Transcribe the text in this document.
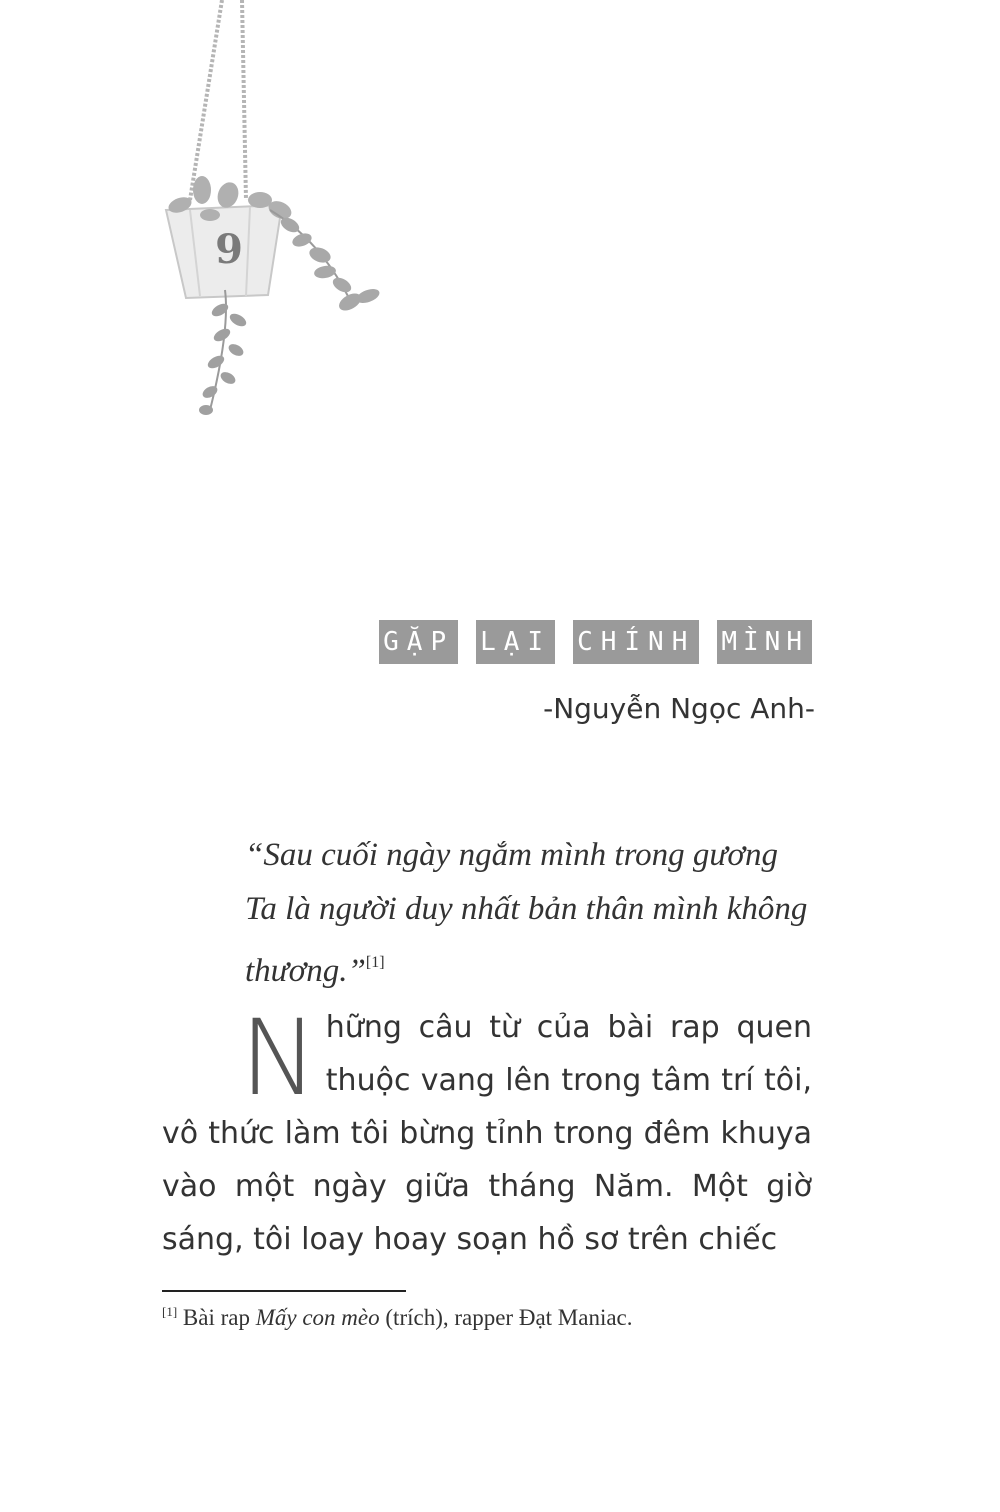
9
GẶP LẠI CHÍNH MÌNH
-Nguyễn Ngọc Anh-
“Sau cuối ngày ngắm mình trong gương
Ta là người duy nhất bản thân mình không thương.”[1]
Những câu từ của bài rap quen thuộc vang lên trong tâm trí tôi, vô thức làm tôi bừng tỉnh trong đêm khuya vào một ngày giữa tháng Năm. Một giờ sáng, tôi loay hoay soạn hồ sơ trên chiếc
[1] Bài rap Mấy con mèo (trích), rapper Đạt Maniac.
